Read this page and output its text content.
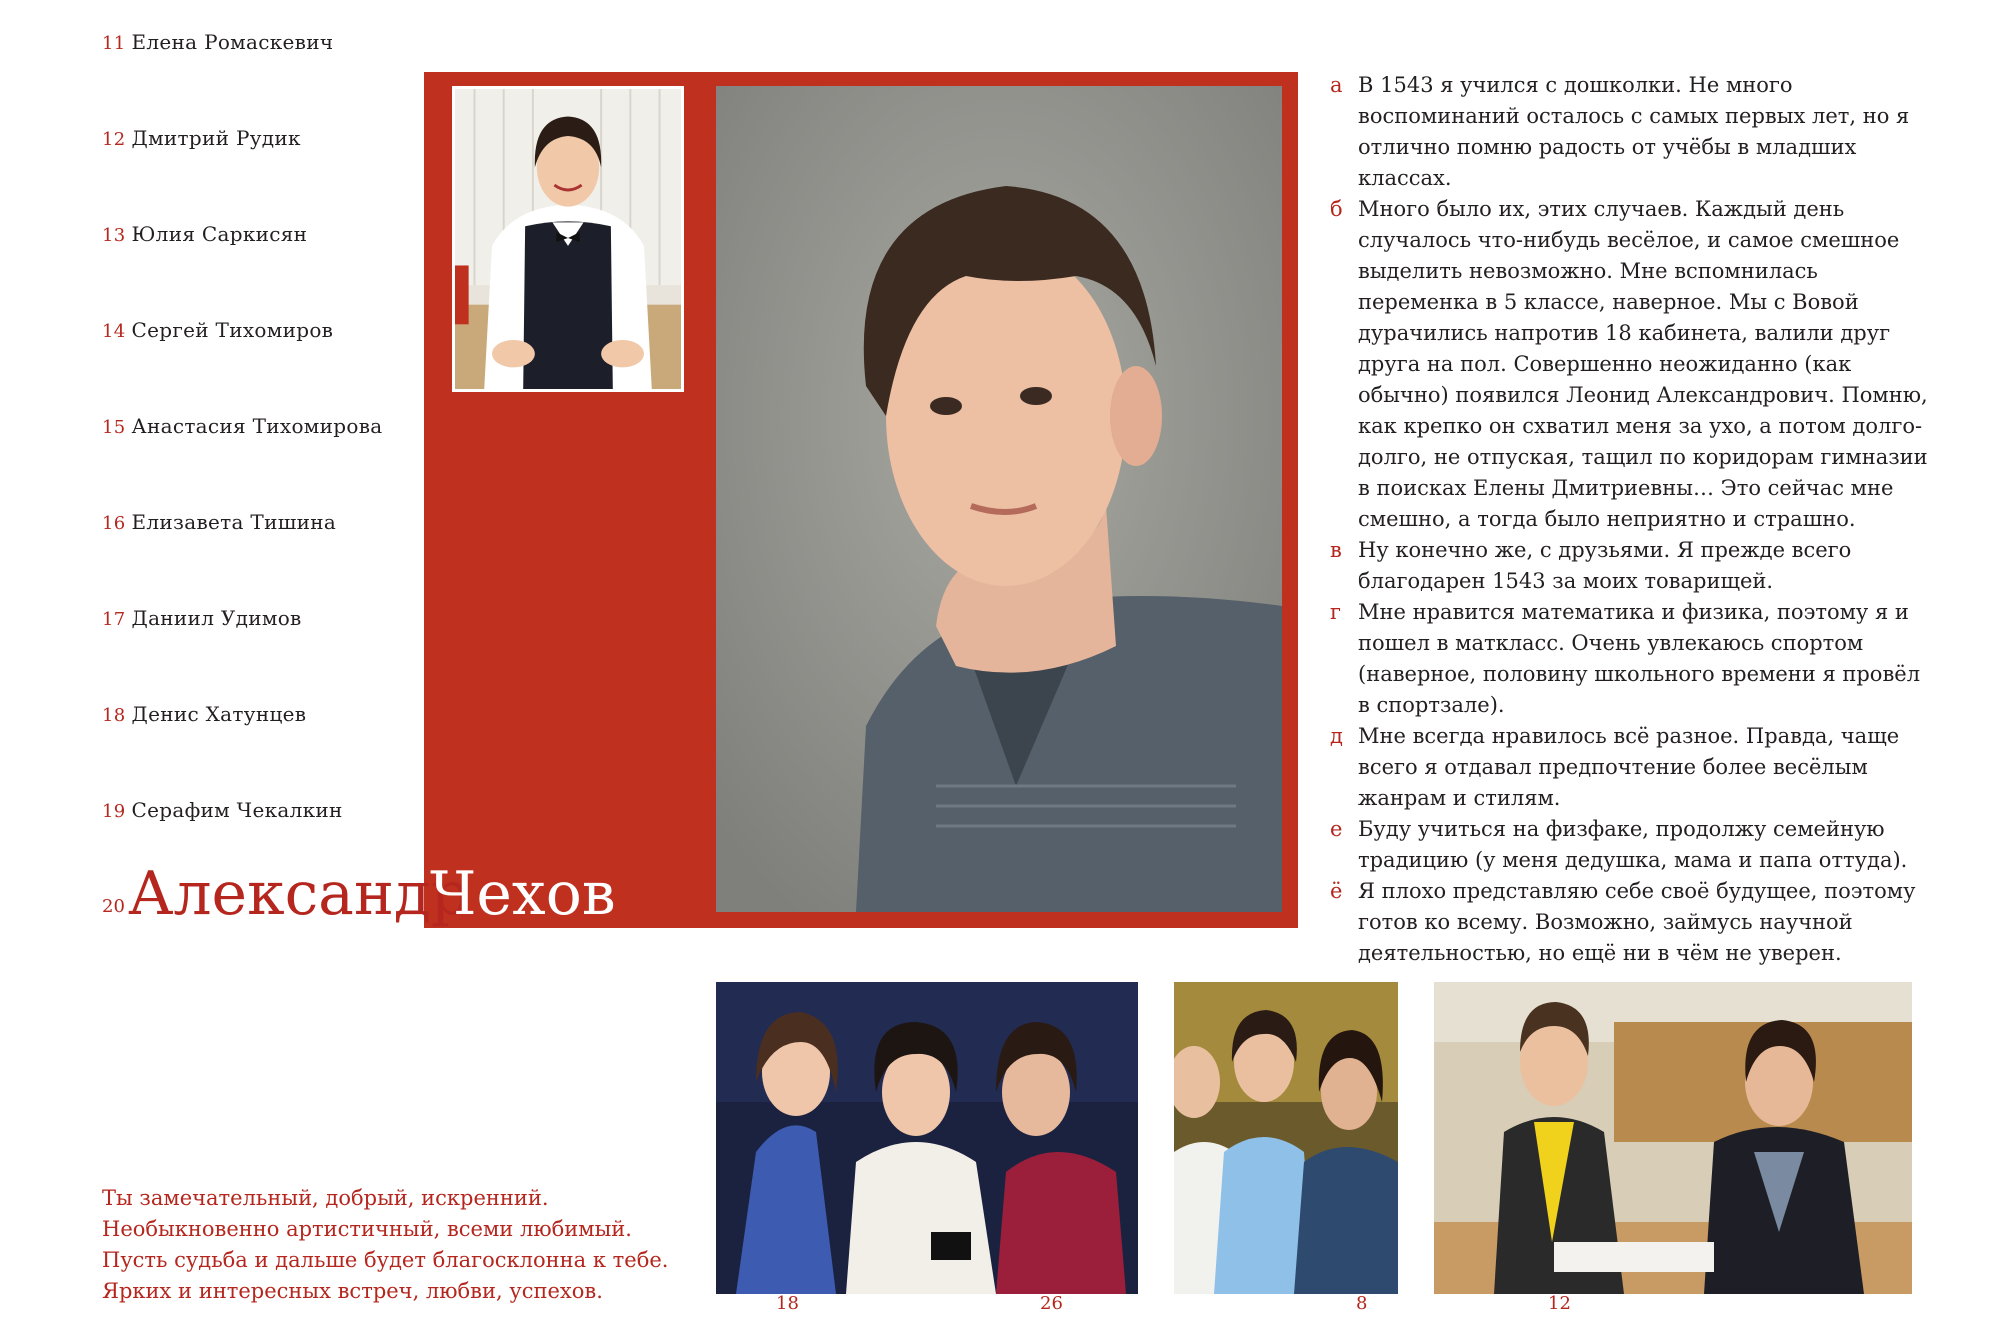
11 Елена Ромаскевич
12 Дмитрий Рудик
13 Юлия Саркисян
14 Сергей Тихомиров
15 Анастасия Тихомирова
16 Елизавета Тишина
17 Даниил Удимов
18 Денис Хатунцев
19 Серафим Чекалкин
20 Александр
Чехов
а В 1543 я учился с дошколки. Не много воспоминаний осталось с самых первых лет, но я отлично помню радость от учёбы в младших классах.
б Много было их, этих случаев. Каждый день случалось что-нибудь весёлое, и самое смешное выделить невозможно. Мне вспомнилась переменка в 5 классе, наверное. Мы с Вовой дурачились напротив 18 кабинета, валили друг друга на пол. Совершенно неожиданно (как обычно) появился Леонид Александрович. Помню, как крепко он схватил меня за ухо, а потом долго-долго, не отпуская, тащил по коридорам гимназии в поисках Елены Дмитриевны… Это сейчас мне смешно, а тогда было неприятно и страшно.
в Ну конечно же, с друзьями. Я прежде всего благодарен 1543 за моих товарищей.
г Мне нравится математика и физика, поэтому я и пошел в маткласс. Очень увлекаюсь спортом (наверное, половину школьного времени я провёл в спортзале).
д Мне всегда нравилось всё разное. Правда, чаще всего я отдавал предпочтение более весёлым жанрам и стилям.
е Буду учиться на физфаке, продолжу семейную традицию (у меня дедушка, мама и папа оттуда).
ё Я плохо представляю себе своё будущее, поэтому готов ко всему. Возможно, займусь научной деятельностью, но ещё ни в чём не уверен.
18	26	8	12

Ты замечательный, добрый, искренний. Необыкновенно артистичный, всеми любимый. Пусть судьба и дальше будет благосклонна к тебе. Ярких и интересных встреч, любви, успехов.
